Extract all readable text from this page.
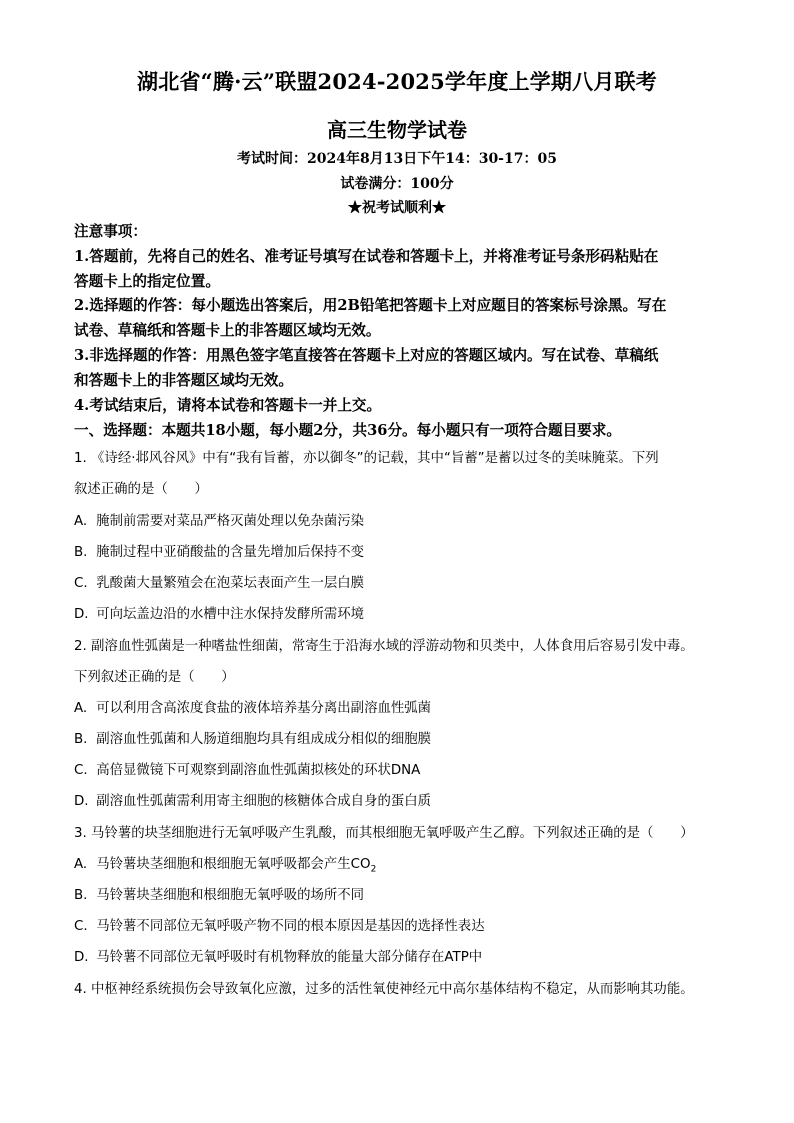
湖北省“腾·云”联盟2024-2025学年度上学期八月联考
高三生物学试卷
考试时间：2024年8月13日下午14：30-17：05
试卷满分：100分
★祝考试顺利★
注意事项：
1.答题前，先将自己的姓名、准考证号填写在试卷和答题卡上，并将准考证号条形码粘贴在
答题卡上的指定位置。
2.选择题的作答：每小题选出答案后，用2B铅笔把答题卡上对应题目的答案标号涂黑。写在
试卷、草稿纸和答题卡上的非答题区域均无效。
3.非选择题的作答：用黑色签字笔直接答在答题卡上对应的答题区域内。写在试卷、草稿纸
和答题卡上的非答题区域均无效。
4.考试结束后，请将本试卷和答题卡一并上交。
一、选择题：本题共18小题，每小题2分，共36分。每小题只有一项符合题目要求。
1. 《诗经·邶风谷风》中有“我有旨蓄，亦以御冬”的记载，其中“旨蓄”是蓄以过冬的美味腌菜。下列
叙述正确的是（　　）
A. 腌制前需要对菜品严格灭菌处理以免杂菌污染
B. 腌制过程中亚硝酸盐的含量先增加后保持不变
C. 乳酸菌大量繁殖会在泡菜坛表面产生一层白膜
D. 可向坛盖边沿的水槽中注水保持发酵所需环境
2. 副溶血性弧菌是一种嗜盐性细菌，常寄生于沿海水域的浮游动物和贝类中，人体食用后容易引发中毒。
下列叙述正确的是（　　）
A. 可以利用含高浓度食盐的液体培养基分离出副溶血性弧菌
B. 副溶血性弧菌和人肠道细胞均具有组成成分相似的细胞膜
C. 高倍显微镜下可观察到副溶血性弧菌拟核处的环状DNA
D. 副溶血性弧菌需利用寄主细胞的核糖体合成自身的蛋白质
3. 马铃薯的块茎细胞进行无氧呼吸产生乳酸，而其根细胞无氧呼吸产生乙醇。下列叙述正确的是（　　）
A. 马铃薯块茎细胞和根细胞无氧呼吸都会产生$CO_2$
B. 马铃薯块茎细胞和根细胞无氧呼吸的场所不同
C. 马铃薯不同部位无氧呼吸产物不同的根本原因是基因的选择性表达
D. 马铃薯不同部位无氧呼吸时有机物释放的能量大部分储存在ATP中
4. 中枢神经系统损伤会导致氧化应激，过多的活性氧使神经元中高尔基体结构不稳定，从而影响其功能。
